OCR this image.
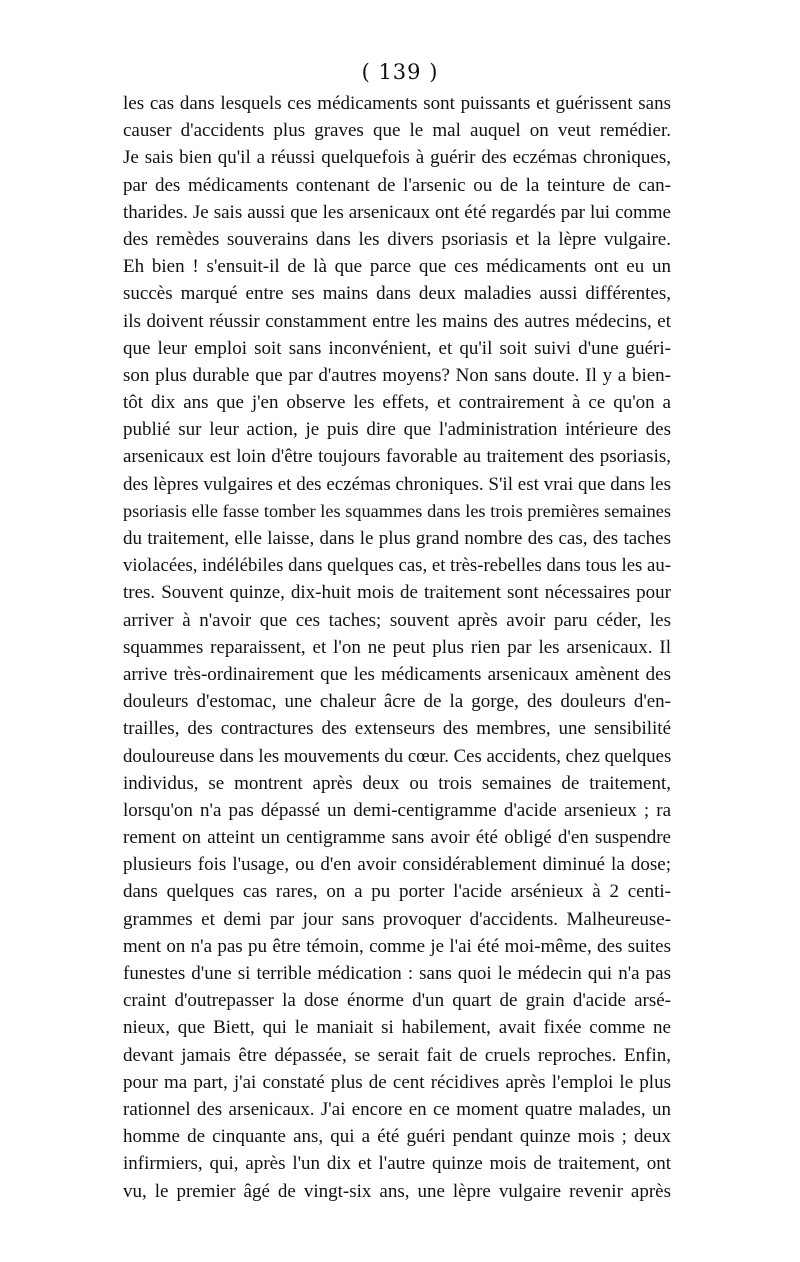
( 139 )
les cas dans lesquels ces médicaments sont puissants et guérissent sans
causer d'accidents plus graves que le mal auquel on veut remédier.
Je sais bien qu'il a réussi quelquefois à guérir des eczémas chroniques,
par des médicaments contenant de l'arsenic ou de la teinture de can-
tharides. Je sais aussi que les arsenicaux ont été regardés par lui comme
des remèdes souverains dans les divers psoriasis et la lèpre vulgaire.
Eh bien ! s'ensuit-il de là que parce que ces médicaments ont eu un
succès marqué entre ses mains dans deux maladies aussi différentes,
ils doivent réussir constamment entre les mains des autres médecins, et
que leur emploi soit sans inconvénient, et qu'il soit suivi d'une guéri-
son plus durable que par d'autres moyens? Non sans doute. Il y a bien-
tôt dix ans que j'en observe les effets, et contrairement à ce qu'on a
publié sur leur action, je puis dire que l'administration intérieure des
arsenicaux est loin d'être toujours favorable au traitement des psoriasis,
des lèpres vulgaires et des eczémas chroniques. S'il est vrai que dans les
psoriasis elle fasse tomber les squammes dans les trois premières semaines
du traitement, elle laisse, dans le plus grand nombre des cas, des taches
violacées, indélébiles dans quelques cas, et très-rebelles dans tous les au-
tres. Souvent quinze, dix-huit mois de traitement sont nécessaires pour
arriver à n'avoir que ces taches; souvent après avoir paru céder, les
squammes reparaissent, et l'on ne peut plus rien par les arsenicaux. Il
arrive très-ordinairement que les médicaments arsenicaux amènent des
douleurs d'estomac, une chaleur âcre de la gorge, des douleurs d'en-
trailles, des contractures des extenseurs des membres, une sensibilité
douloureuse dans les mouvements du cœur. Ces accidents, chez quelques
individus, se montrent après deux ou trois semaines de traitement,
lorsqu'on n'a pas dépassé un demi-centigramme d'acide arsenieux ; ra
rement on atteint un centigramme sans avoir été obligé d'en suspendre
plusieurs fois l'usage, ou d'en avoir considérablement diminué la dose;
dans quelques cas rares, on a pu porter l'acide arsénieux à 2 centi-
grammes et demi par jour sans provoquer d'accidents. Malheureuse-
ment on n'a pas pu être témoin, comme je l'ai été moi-même, des suites
funestes d'une si terrible médication : sans quoi le médecin qui n'a pas
craint d'outrepasser la dose énorme d'un quart de grain d'acide arsé-
nieux, que Biett, qui le maniait si habilement, avait fixée comme ne
devant jamais être dépassée, se serait fait de cruels reproches. Enfin,
pour ma part, j'ai constaté plus de cent récidives après l'emploi le plus
rationnel des arsenicaux. J'ai encore en ce moment quatre malades, un
homme de cinquante ans, qui a été guéri pendant quinze mois ; deux
infirmiers, qui, après l'un dix et l'autre quinze mois de traitement, ont
vu, le premier âgé de vingt-six ans, une lèpre vulgaire revenir après
